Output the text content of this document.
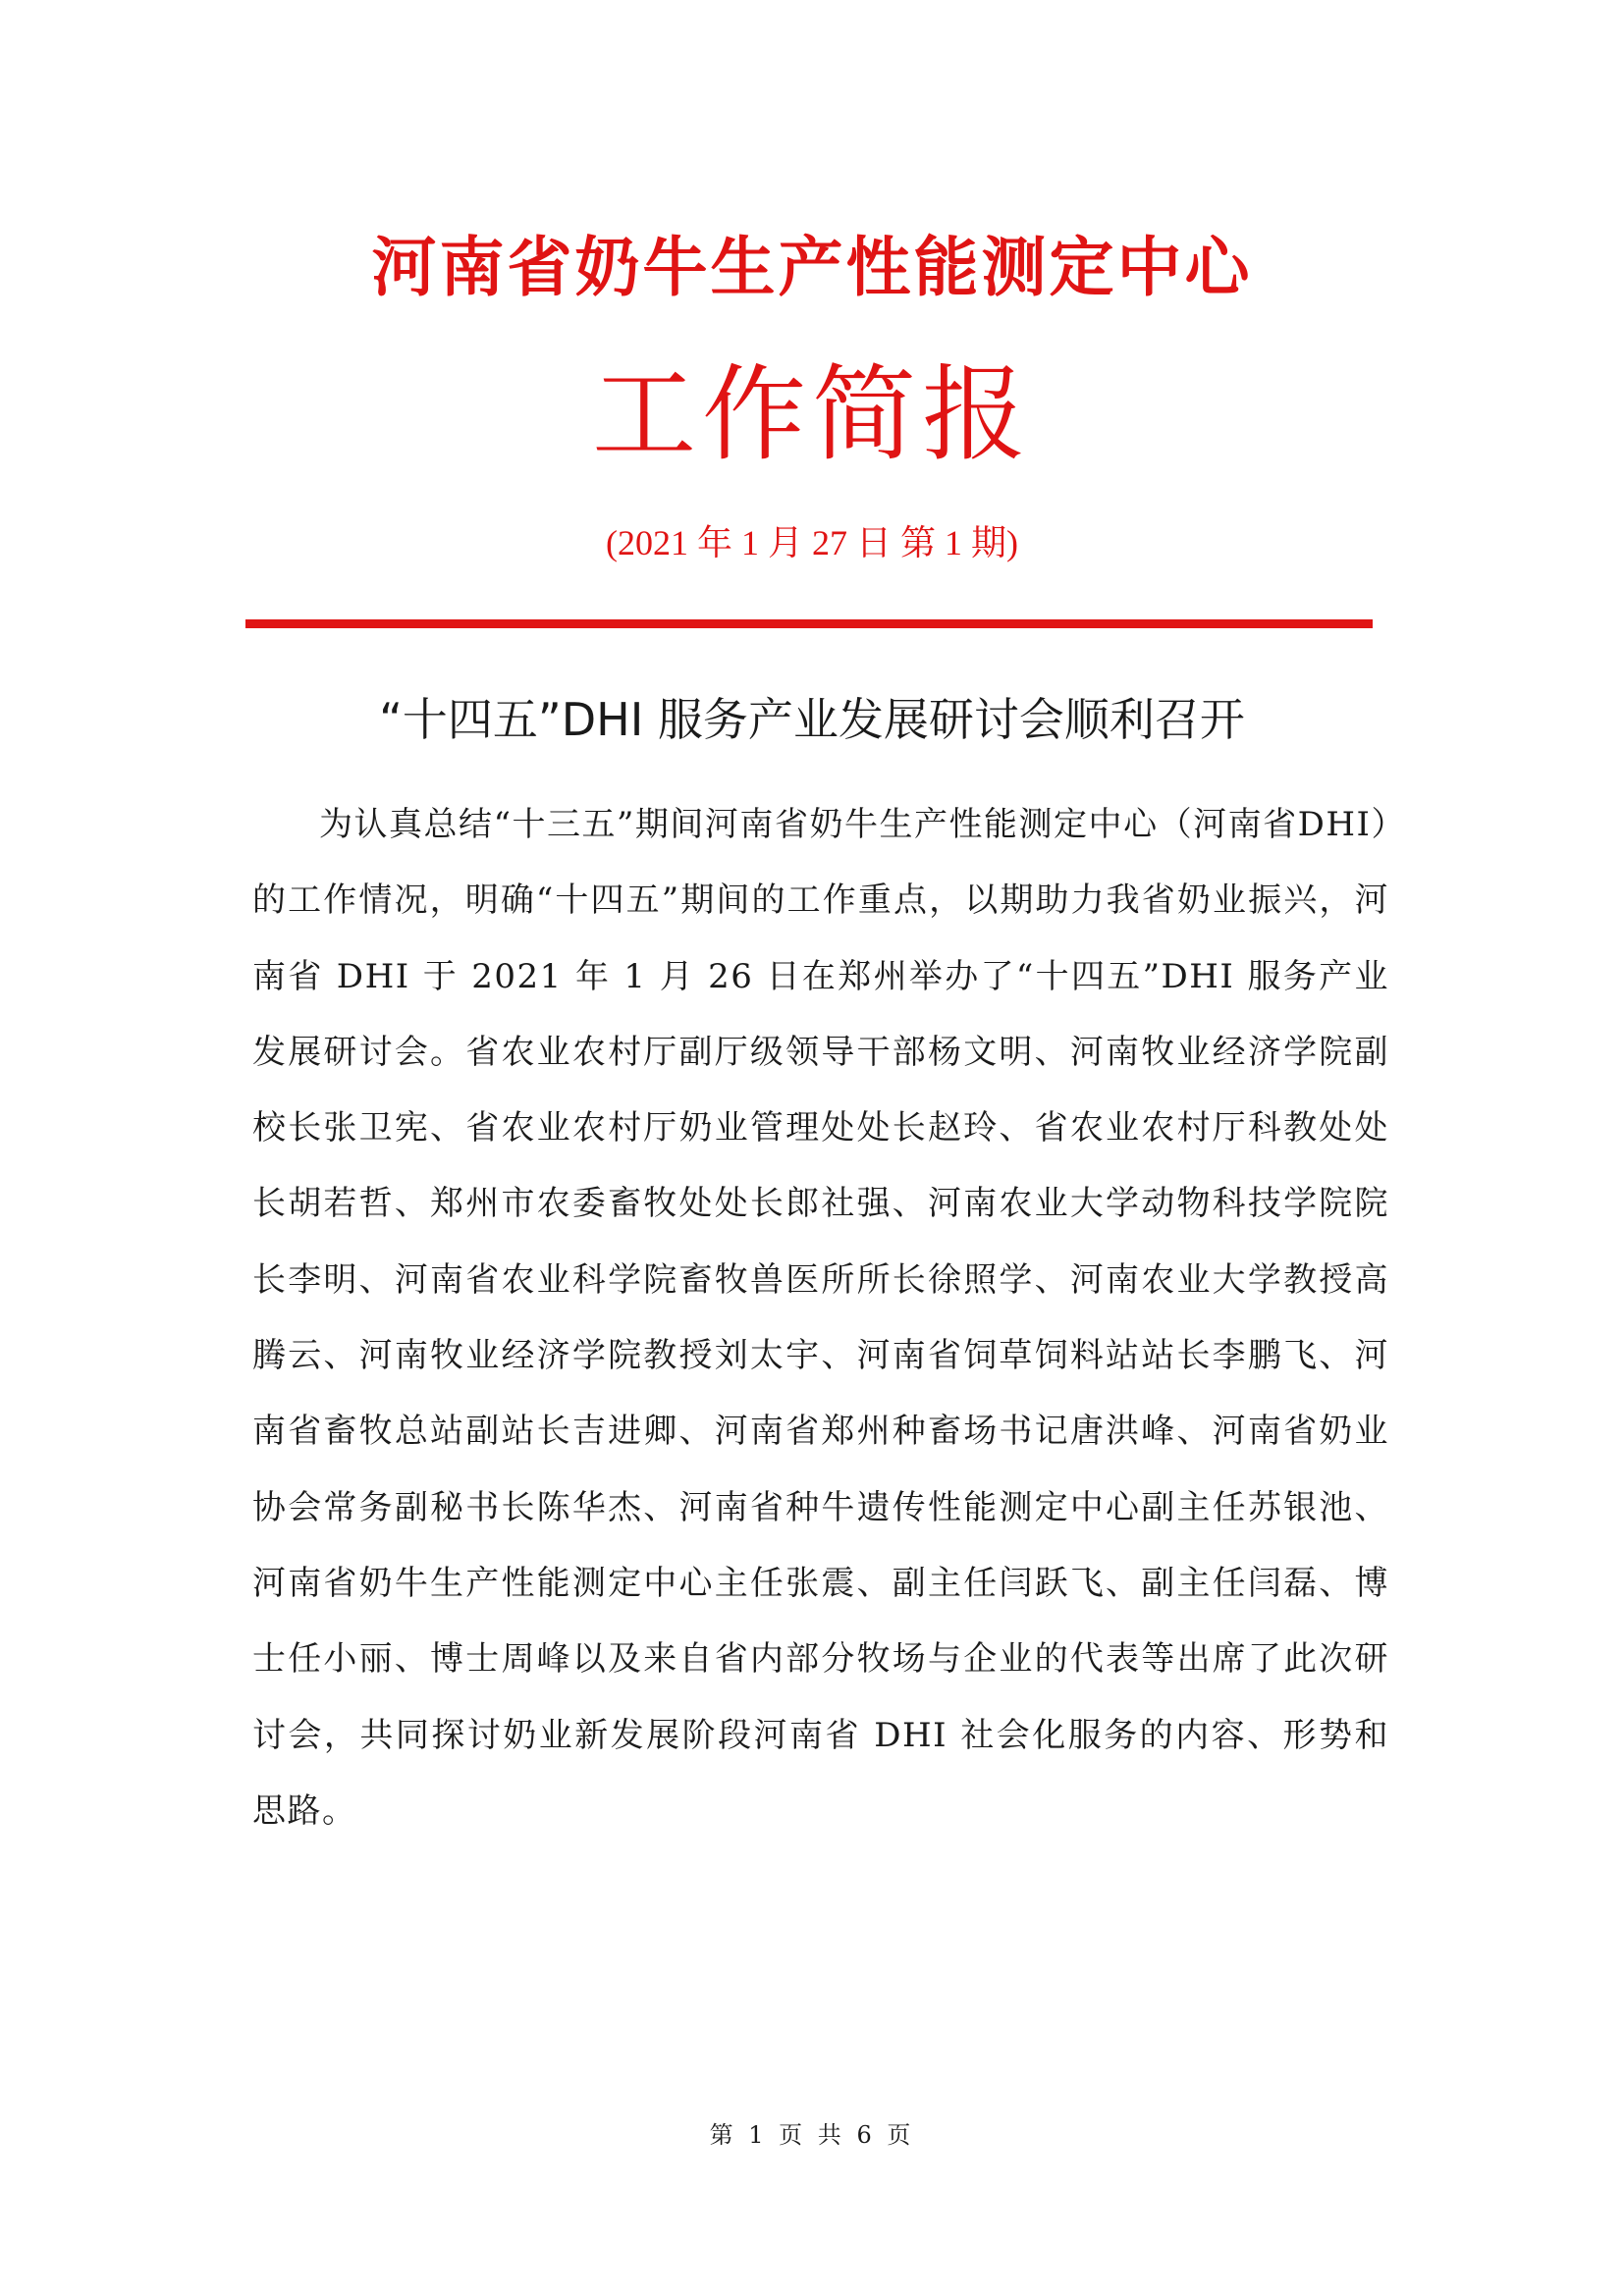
河南省奶牛生产性能测定中心
工作简报
(2021 年 1 月 27 日 第 1 期)
“十四五”DHI 服务产业发展研讨会顺利召开

为认真总结“十三五”期间河南省奶牛生产性能测定中心（河南省DHI）的工作情况，明确“十四五”期间的工作重点，以期助力我省奶业振兴，河南省 DHI 于 2021 年 1 月 26 日在郑州举办了“十四五”DHI 服务产业发展研讨会。省农业农村厅副厅级领导干部杨文明、河南牧业经济学院副校长张卫宪、省农业农村厅奶业管理处处长赵玲、省农业农村厅科教处处长胡若哲、郑州市农委畜牧处处长郎社强、河南农业大学动物科技学院院长李明、河南省农业科学院畜牧兽医所所长徐照学、河南农业大学教授高腾云、河南牧业经济学院教授刘太宇、河南省饲草饲料站站长李鹏飞、河南省畜牧总站副站长吉进卿、河南省郑州种畜场书记唐洪峰、河南省奶业协会常务副秘书长陈华杰、河南省种牛遗传性能测定中心副主任苏银池、河南省奶牛生产性能测定中心主任张震、副主任闫跃飞、副主任闫磊、博士任小丽、博士周峰以及来自省内部分牧场与企业的代表等出席了此次研讨会，共同探讨奶业新发展阶段河南省 DHI 社会化服务的内容、形势和思路。

第 1 页 共 6 页
